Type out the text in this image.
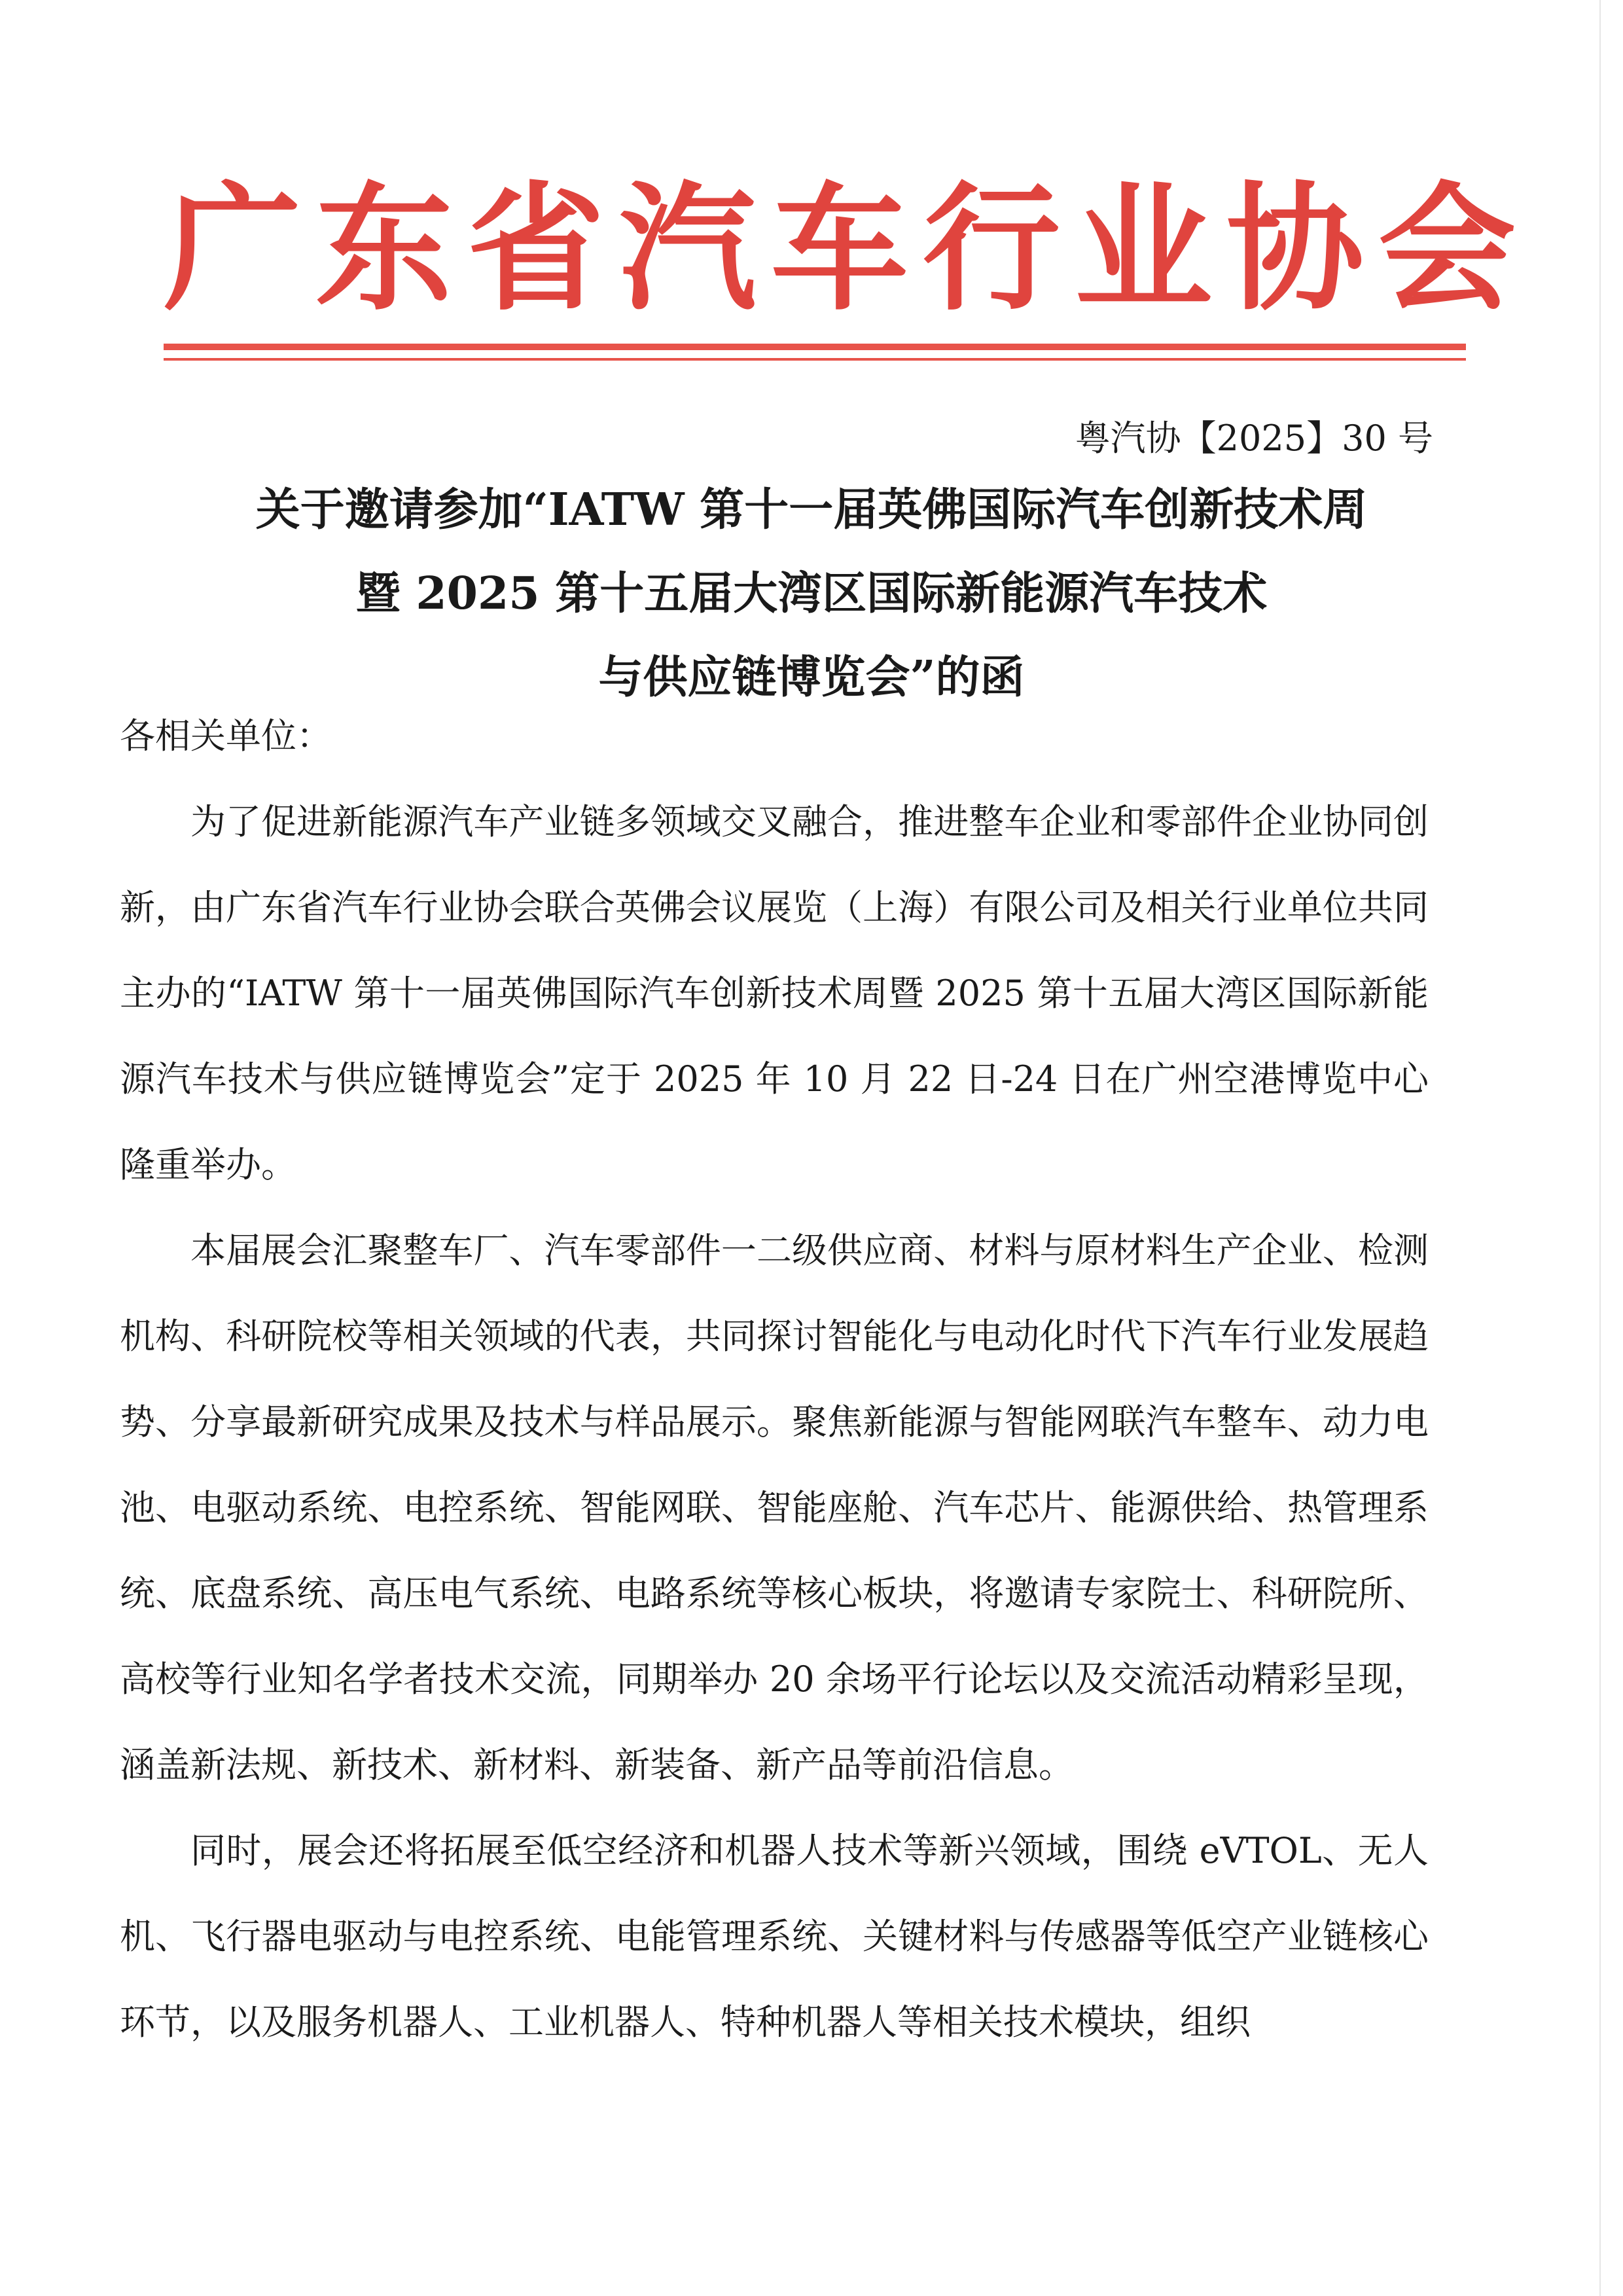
广东省汽车行业协会
粤汽协【2025】30 号
关于邀请参加“IATW 第十一届英佛国际汽车创新技术周
暨 2025 第十五届大湾区国际新能源汽车技术
与供应链博览会”的函
各相关单位：

为了促进新能源汽车产业链多领域交叉融合，推进整车企业和零部件企业协同创新，由广东省汽车行业协会联合英佛会议展览（上海）有限公司及相关行业单位共同主办的“IATW 第十一届英佛国际汽车创新技术周暨 2025 第十五届大湾区国际新能源汽车技术与供应链博览会”定于 2025 年 10 月 22 日-24 日在广州空港博览中心隆重举办。

本届展会汇聚整车厂、汽车零部件一二级供应商、材料与原材料生产企业、检测机构、科研院校等相关领域的代表，共同探讨智能化与电动化时代下汽车行业发展趋势、分享最新研究成果及技术与样品展示。聚焦新能源与智能网联汽车整车、动力电池、电驱动系统、电控系统、智能网联、智能座舱、汽车芯片、能源供给、热管理系统、底盘系统、高压电气系统、电路系统等核心板块，将邀请专家院士、科研院所、高校等行业知名学者技术交流，同期举办 20 余场平行论坛以及交流活动精彩呈现，涵盖新法规、新技术、新材料、新装备、新产品等前沿信息。

同时，展会还将拓展至低空经济和机器人技术等新兴领域，围绕 eVTOL、无人机、飞行器电驱动与电控系统、电能管理系统、关键材料与传感器等低空产业链核心环节，以及服务机器人、工业机器人、特种机器人等相关技术模块，组织
